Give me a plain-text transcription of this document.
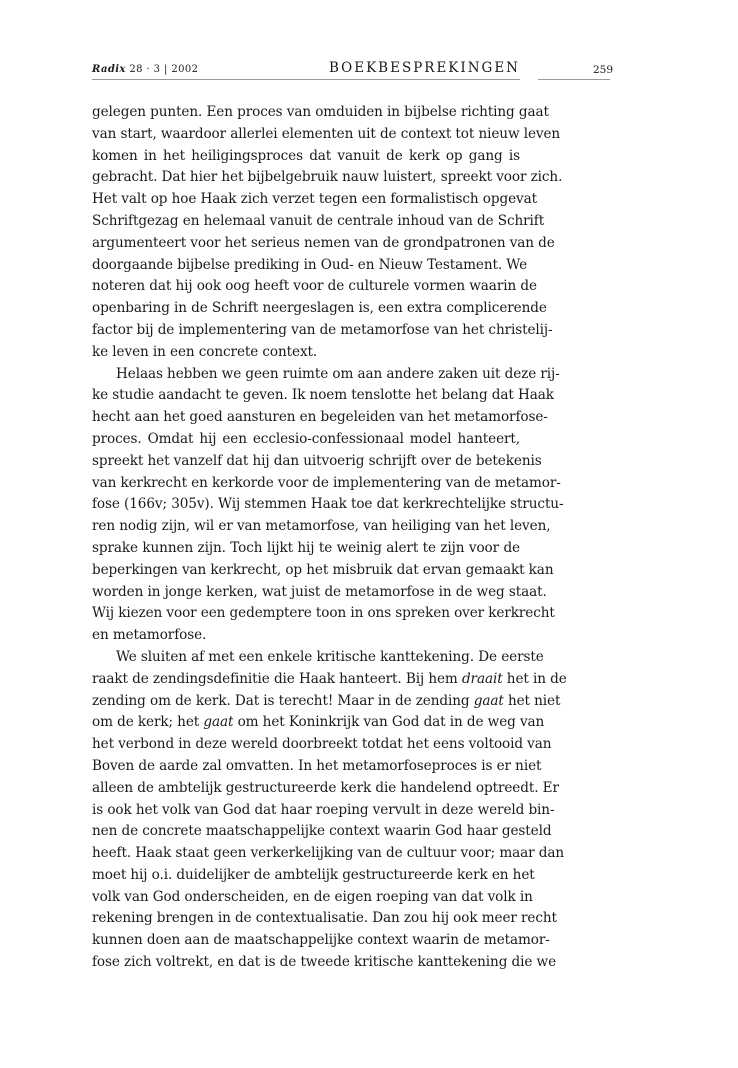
Radix 28 · 3 | 2002	BOEKBESPREKINGEN	259
gelegen punten. Een proces van omduiden in bijbelse richting gaat
van start, waardoor allerlei elementen uit de context tot nieuw leven
komen in het heiligingsproces dat vanuit de kerk op gang is
gebracht. Dat hier het bijbelgebruik nauw luistert, spreekt voor zich.
Het valt op hoe Haak zich verzet tegen een formalistisch opgevat
Schriftgezag en helemaal vanuit de centrale inhoud van de Schrift
argumenteert voor het serieus nemen van de grondpatronen van de
doorgaande bijbelse prediking in Oud- en Nieuw Testament. We
noteren dat hij ook oog heeft voor de culturele vormen waarin de
openbaring in de Schrift neergeslagen is, een extra complicerende
factor bij de implementering van de metamorfose van het christelij-
ke leven in een concrete context.
Helaas hebben we geen ruimte om aan andere zaken uit deze rij-
ke studie aandacht te geven. Ik noem tenslotte het belang dat Haak
hecht aan het goed aansturen en begeleiden van het metamorfose-
proces. Omdat hij een ecclesio-confessionaal model hanteert,
spreekt het vanzelf dat hij dan uitvoerig schrijft over de betekenis
van kerkrecht en kerkorde voor de implementering van de metamor-
fose (166v; 305v). Wij stemmen Haak toe dat kerkrechtelijke structu-
ren nodig zijn, wil er van metamorfose, van heiliging van het leven,
sprake kunnen zijn. Toch lijkt hij te weinig alert te zijn voor de
beperkingen van kerkrecht, op het misbruik dat ervan gemaakt kan
worden in jonge kerken, wat juist de metamorfose in de weg staat.
Wij kiezen voor een gedemptere toon in ons spreken over kerkrecht
en metamorfose.
We sluiten af met een enkele kritische kanttekening. De eerste
raakt de zendingsdefinitie die Haak hanteert. Bij hem draait het in de
zending om de kerk. Dat is terecht! Maar in de zending gaat het niet
om de kerk; het gaat om het Koninkrijk van God dat in de weg van
het verbond in deze wereld doorbreekt totdat het eens voltooid van
Boven de aarde zal omvatten. In het metamorfoseproces is er niet
alleen de ambtelijk gestructureerde kerk die handelend optreedt. Er
is ook het volk van God dat haar roeping vervult in deze wereld bin-
nen de concrete maatschappelijke context waarin God haar gesteld
heeft. Haak staat geen verkerkelijking van de cultuur voor; maar dan
moet hij o.i. duidelijker de ambtelijk gestructureerde kerk en het
volk van God onderscheiden, en de eigen roeping van dat volk in
rekening brengen in de contextualisatie. Dan zou hij ook meer recht
kunnen doen aan de maatschappelijke context waarin de metamor-
fose zich voltrekt, en dat is de tweede kritische kanttekening die we
